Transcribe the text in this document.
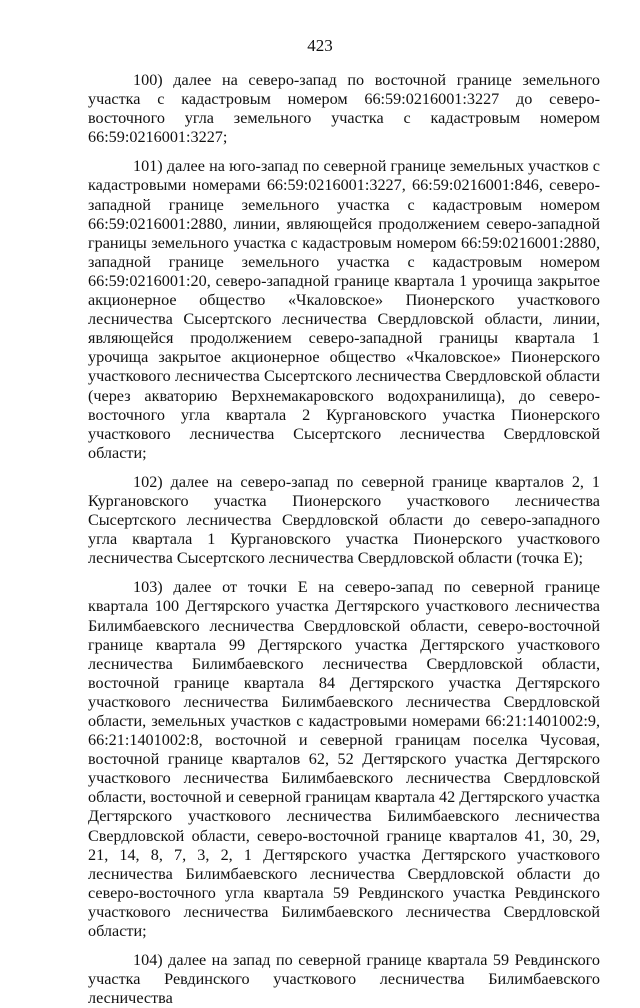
423

100) далее на северо-запад по восточной границе земельного участка с кадастровым номером 66:59:0216001:3227 до северо-восточного угла земельного участка с кадастровым номером 66:59:0216001:3227;

101) далее на юго-запад по северной границе земельных участков с кадастровыми номерами 66:59:0216001:3227, 66:59:0216001:846, северо-западной границе земельного участка с кадастровым номером 66:59:0216001:2880, линии, являющейся продолжением северо-западной границы земельного участка с кадастровым номером 66:59:0216001:2880, западной границе земельного участка с кадастровым номером 66:59:0216001:20, северо-западной границе квартала 1 урочища закрытое акционерное общество «Чкаловское» Пионерского участкового лесничества Сысертского лесничества Свердловской области, линии, являющейся продолжением северо-западной границы квартала 1 урочища закрытое акционерное общество «Чкаловское» Пионерского участкового лесничества Сысертского лесничества Свердловской области (через акваторию Верхнемакаровского водохранилища), до северо-восточного угла квартала 2 Кургановского участка Пионерского участкового лесничества Сысертского лесничества Свердловской области;

102) далее на северо-запад по северной границе кварталов 2, 1 Кургановского участка Пионерского участкового лесничества Сысертского лесничества Свердловской области до северо-западного угла квартала 1 Кургановского участка Пионерского участкового лесничества Сысертского лесничества Свердловской области (точка Е);

103) далее от точки Е на северо-запад по северной границе квартала 100 Дегтярского участка Дегтярского участкового лесничества Билимбаевского лесничества Свердловской области, северо-восточной границе квартала 99 Дегтярского участка Дегтярского участкового лесничества Билимбаевского лесничества Свердловской области, восточной границе квартала 84 Дегтярского участка Дегтярского участкового лесничества Билимбаевского лесничества Свердловской области, земельных участков с кадастровыми номерами 66:21:1401002:9, 66:21:1401002:8, восточной и северной границам поселка Чусовая, восточной границе кварталов 62, 52 Дегтярского участка Дегтярского участкового лесничества Билимбаевского лесничества Свердловской области, восточной и северной границам квартала 42 Дегтярского участка Дегтярского участкового лесничества Билимбаевского лесничества Свердловской области, северо-восточной границе кварталов 41, 30, 29, 21, 14, 8, 7, 3, 2, 1 Дегтярского участка Дегтярского участкового лесничества Билимбаевского лесничества Свердловской области до северо-восточного угла квартала 59 Ревдинского участка Ревдинского участкового лесничества Билимбаевского лесничества Свердловской области;

104) далее на запад по северной границе квартала 59 Ревдинского участка Ревдинского участкового лесничества Билимбаевского лесничества
